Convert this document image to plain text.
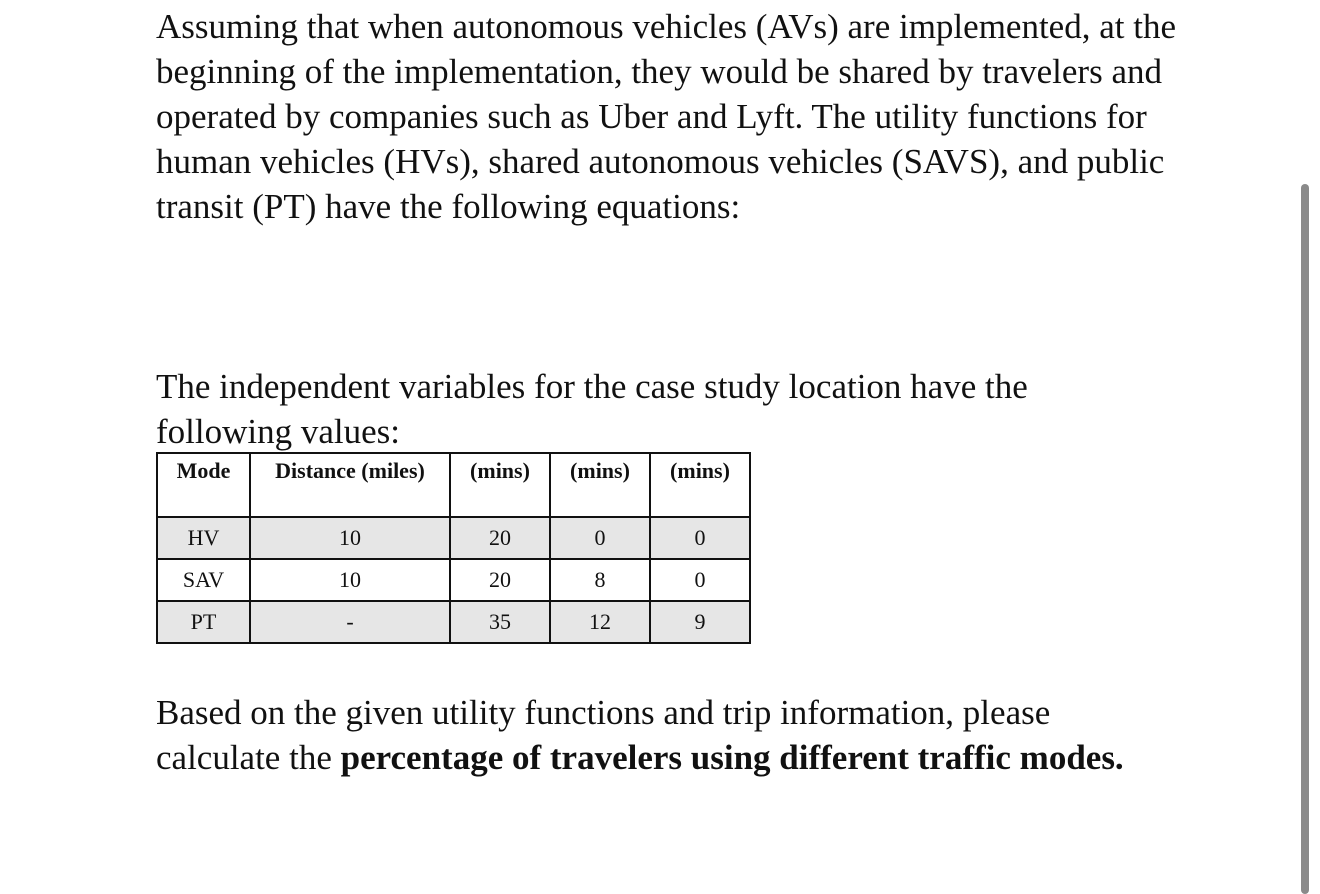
Assuming that when autonomous vehicles (AVs) are implemented, at the beginning of the implementation, they would be shared by travelers and operated by companies such as Uber and Lyft. The utility functions for human vehicles (HVs), shared autonomous vehicles (SAVS), and public transit (PT) have the following equations:

The independent variables for the case study location have the following values:

Mode	Distance (miles)	(mins)	(mins)	(mins)
HV	10	20	0	0
SAV	10	20	8	0
PT	-	35	12	9

Based on the given utility functions and trip information, please calculate the percentage of travelers using different traffic modes.
